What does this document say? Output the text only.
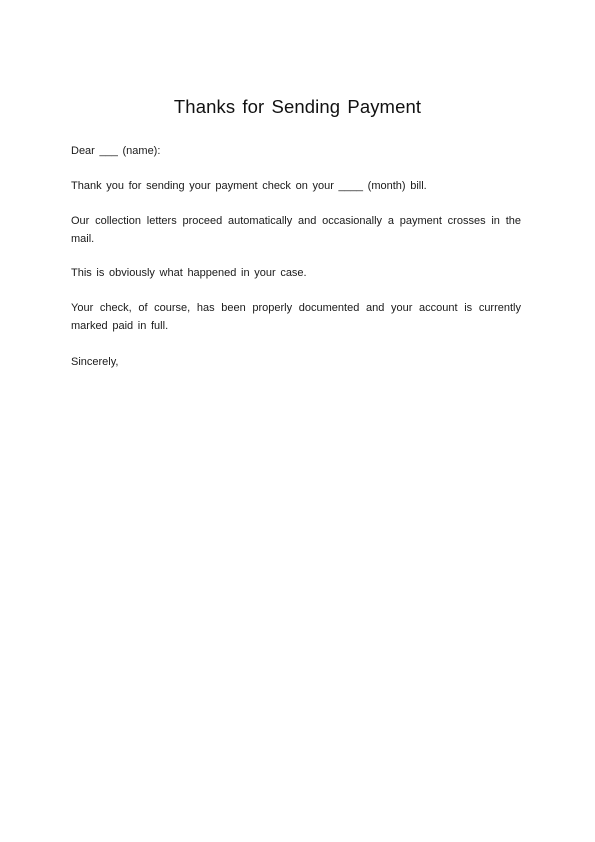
Thanks for Sending Payment
Dear ___ (name):
Thank you for sending your payment check on your ____ (month) bill.
Our collection letters proceed automatically and occasionally a payment crosses in the mail.
This is obviously what happened in your case.
Your check, of course, has been properly documented and your account is currently marked paid in full.
Sincerely,
